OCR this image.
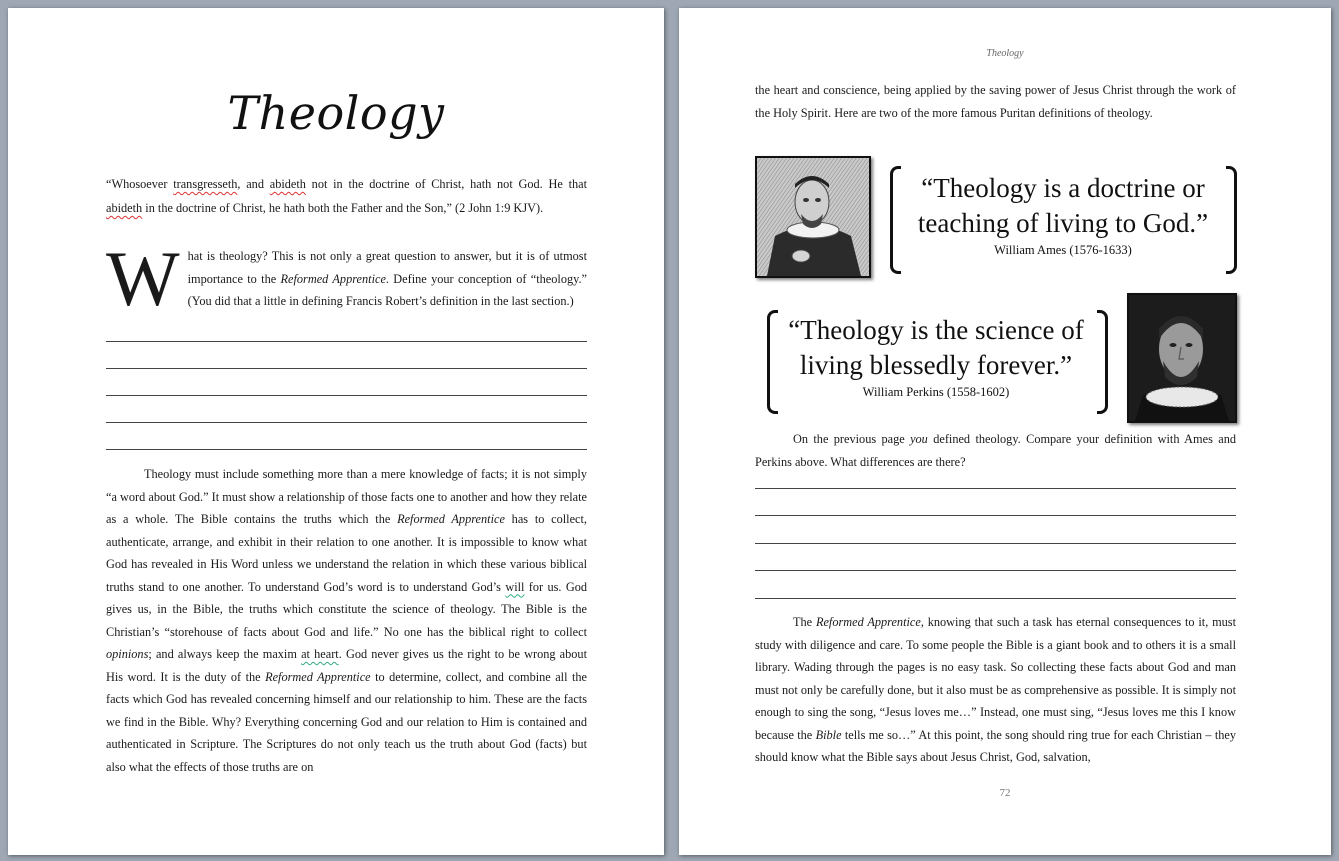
Theology
“Whosoever transgresseth, and abideth not in the doctrine of Christ, hath not God. He that abideth in the doctrine of Christ, he hath both the Father and the Son,” (2 John 1:9 KJV).
What is theology? This is not only a great question to answer, but it is of utmost importance to the Reformed Apprentice. Define your conception of “theology.” (You did that a little in defining Francis Robert’s definition in the last section.)
Theology must include something more than a mere knowledge of facts; it is not simply “a word about God.” It must show a relationship of those facts one to another and how they relate as a whole. The Bible contains the truths which the Reformed Apprentice has to collect, authenticate, arrange, and exhibit in their relation to one another. It is impossible to know what God has revealed in His Word unless we understand the relation in which these various biblical truths stand to one another. To understand God’s word is to understand God’s will for us. God gives us, in the Bible, the truths which constitute the science of theology. The Bible is the Christian’s “storehouse of facts about God and life.” No one has the biblical right to collect opinions; and always keep the maxim at heart. God never gives us the right to be wrong about His word. It is the duty of the Reformed Apprentice to determine, collect, and combine all the facts which God has revealed concerning himself and our relationship to him. These are the facts we find in the Bible. Why? Everything concerning God and our relation to Him is contained and authenticated in Scripture. The Scriptures do not only teach us the truth about God (facts) but also what the effects of those truths are on
Theology
the heart and conscience, being applied by the saving power of Jesus Christ through the work of the Holy Spirit. Here are two of the more famous Puritan definitions of theology.
“Theology is a doctrine or teaching of living to God.”
William Ames (1576-1633)
“Theology is the science of living blessedly forever.”
William Perkins (1558-1602)
On the previous page you defined theology. Compare your definition with Ames and Perkins above. What differences are there?
The Reformed Apprentice, knowing that such a task has eternal consequences to it, must study with diligence and care. To some people the Bible is a giant book and to others it is a small library. Wading through the pages is no easy task. So collecting these facts about God and man must not only be carefully done, but it also must be as comprehensive as possible. It is simply not enough to sing the song, “Jesus loves me…” Instead, one must sing, “Jesus loves me this I know because the Bible tells me so…” At this point, the song should ring true for each Christian – they should know what the Bible says about Jesus Christ, God, salvation,
72
